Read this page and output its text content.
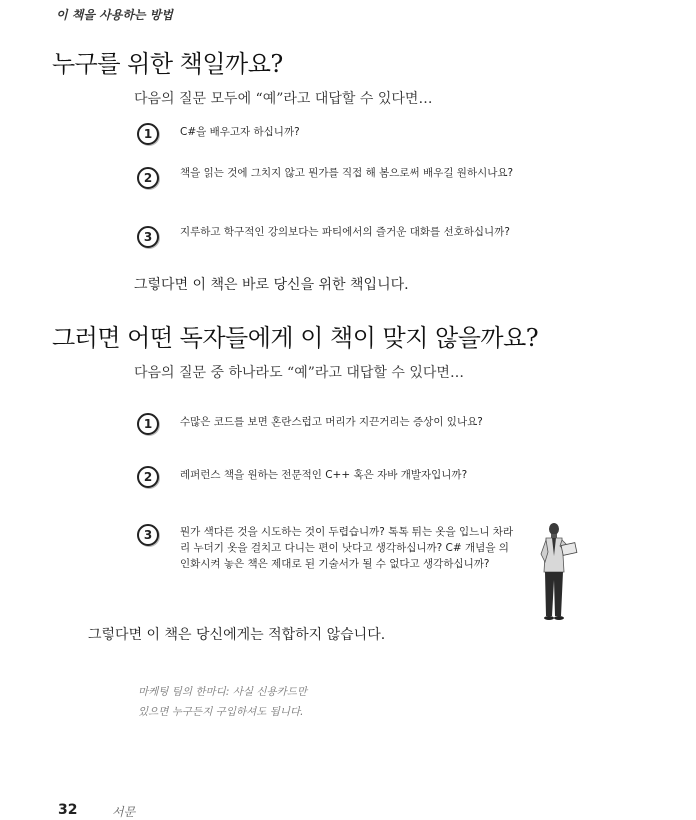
이 책을 사용하는 방법
누구를 위한 책일까요?
다음의 질문 모두에 “예”라고 대답할 수 있다면…
1	C#을 배우고자 하십니까?
2	책을 읽는 것에 그치지 않고 뭔가를 직접 해 봄으로써 배우길 원하시나요?
3	지루하고 학구적인 강의보다는 파티에서의 즐거운 대화를 선호하십니까?
그렇다면 이 책은 바로 당신을 위한 책입니다.
그러면 어떤 독자들에게 이 책이 맞지 않을까요?
다음의 질문 중 하나라도 “예”라고 대답할 수 있다면…
1	수많은 코드를 보면 혼란스럽고 머리가 지끈거리는 증상이 있나요?
2	레퍼런스 책을 원하는 전문적인 C++ 혹은 자바 개발자입니까?
3	뭔가 색다른 것을 시도하는 것이 두렵습니까? 톡톡 튀는 옷을 입느니 차라리 누더기 옷을 걸치고 다니는 편이 낫다고 생각하십니까? C# 개념을 의인화시켜 놓은 책은 제대로 된 기술서가 될 수 없다고 생각하십니까?
그렇다면 이 책은 당신에게는 적합하지 않습니다.
마케팅 팀의 한마디: 사실 신용카드만
있으면 누구든지 구입하셔도 됩니다.
32	서문
